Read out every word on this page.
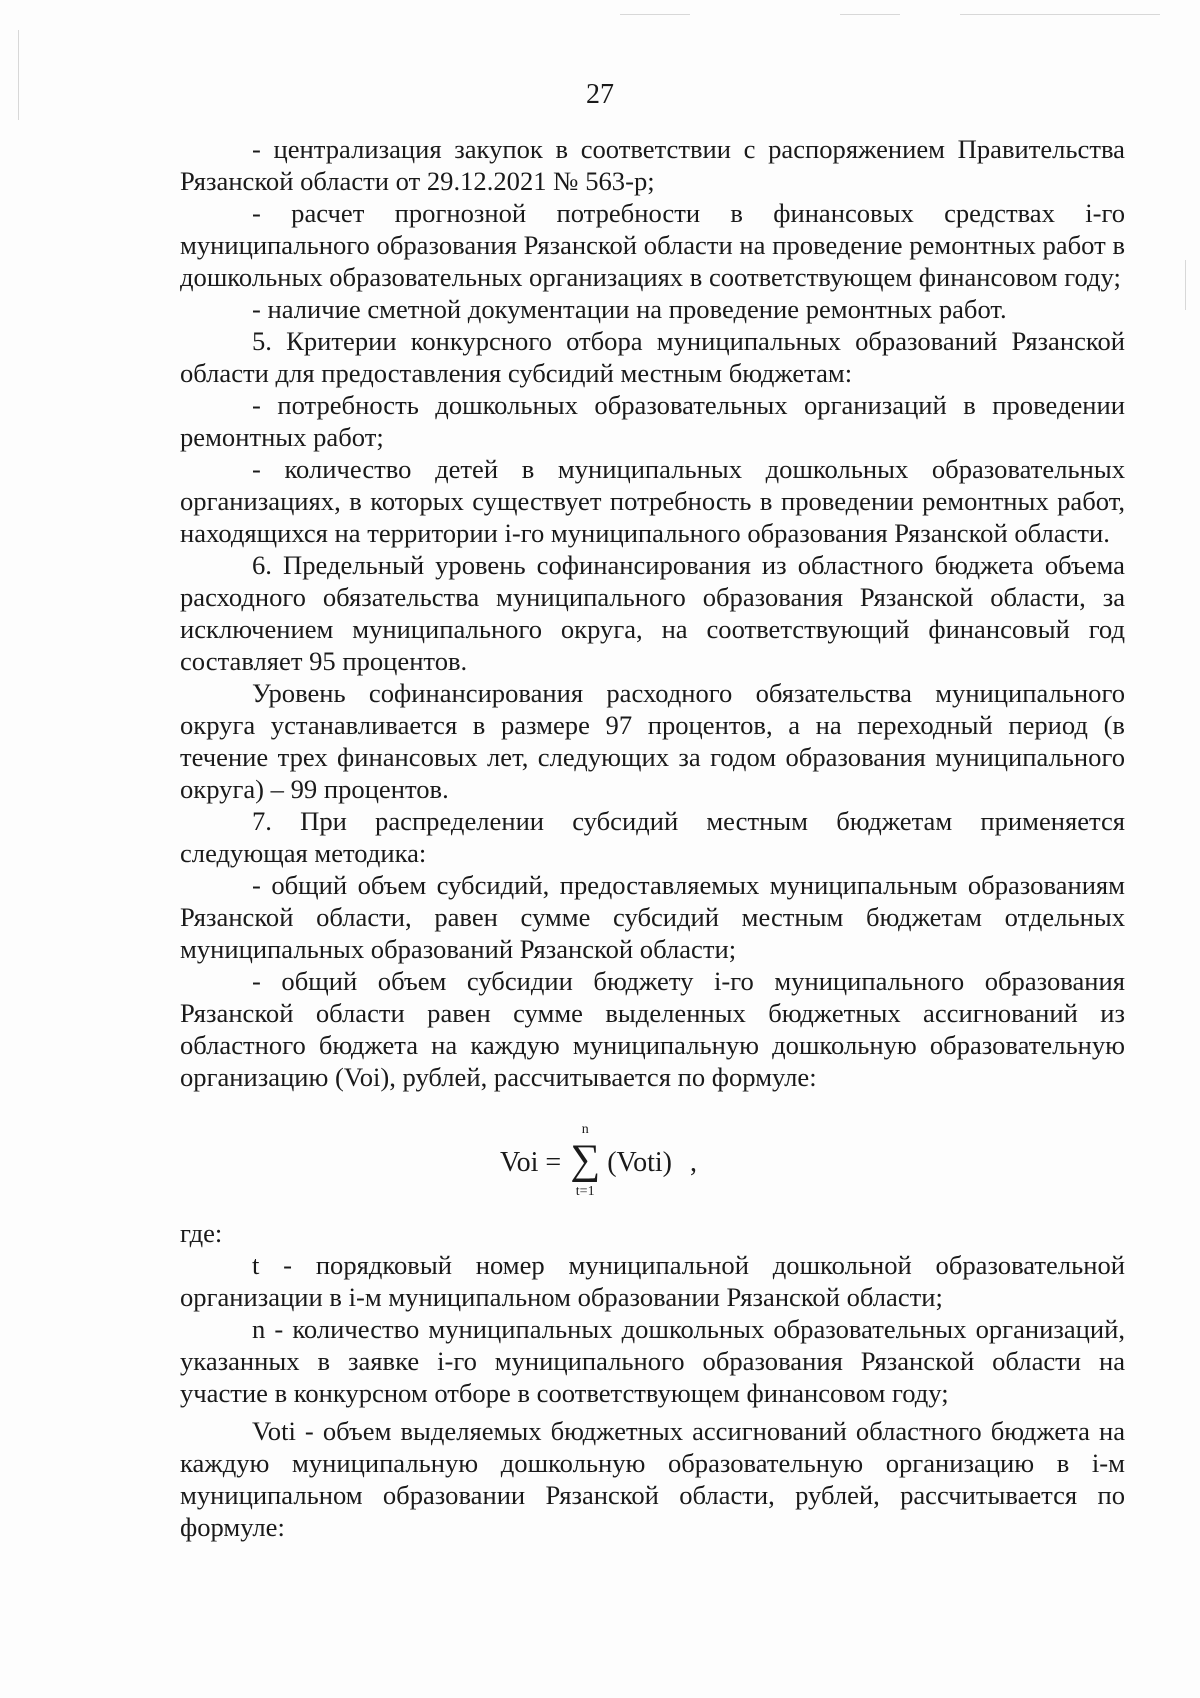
27

- централизация закупок в соответствии с распоряжением Правительства Рязанской области от 29.12.2021 № 563-р;

- расчет прогнозной потребности в финансовых средствах i-го муниципального образования Рязанской области на проведение ремонтных работ в дошкольных образовательных организациях в соответствующем финансовом году;

- наличие сметной документации на проведение ремонтных работ.

5. Критерии конкурсного отбора муниципальных образований Рязанской области для предоставления субсидий местным бюджетам:

- потребность дошкольных образовательных организаций в проведении ремонтных работ;

- количество детей в муниципальных дошкольных образовательных организациях, в которых существует потребность в проведении ремонтных работ, находящихся на территории i-го муниципального образования Рязанской области.

6. Предельный уровень софинансирования из областного бюджета объема расходного обязательства муниципального образования Рязанской области, за исключением муниципального округа, на соответствующий финансовый год составляет 95 процентов.

Уровень софинансирования расходного обязательства муниципального округа устанавливается в размере 97 процентов, а на переходный период (в течение трех финансовых лет, следующих за годом образования муниципального округа) – 99 процентов.

7. При распределении субсидий местным бюджетам применяется следующая методика:

- общий объем субсидий, предоставляемых муниципальным образованиям Рязанской области, равен сумме субсидий местным бюджетам отдельных муниципальных образований Рязанской области;

- общий объем субсидии бюджету i-го муниципального образования Рязанской области равен сумме выделенных бюджетных ассигнований из областного бюджета на каждую муниципальную дошкольную образовательную организацию (Voi), рублей, рассчитывается по формуле:

Voi =
n
∑
t=1
(Voti) ,

где:

t - порядковый номер муниципальной дошкольной образовательной организации в i-м муниципальном образовании Рязанской области;

n - количество муниципальных дошкольных образовательных организаций, указанных в заявке i-го муниципального образования Рязанской области на участие в конкурсном отборе в соответствующем финансовом году;

Voti - объем выделяемых бюджетных ассигнований областного бюджета на каждую муниципальную дошкольную образовательную организацию в i-м муниципальном образовании Рязанской области, рублей, рассчитывается по формуле:
